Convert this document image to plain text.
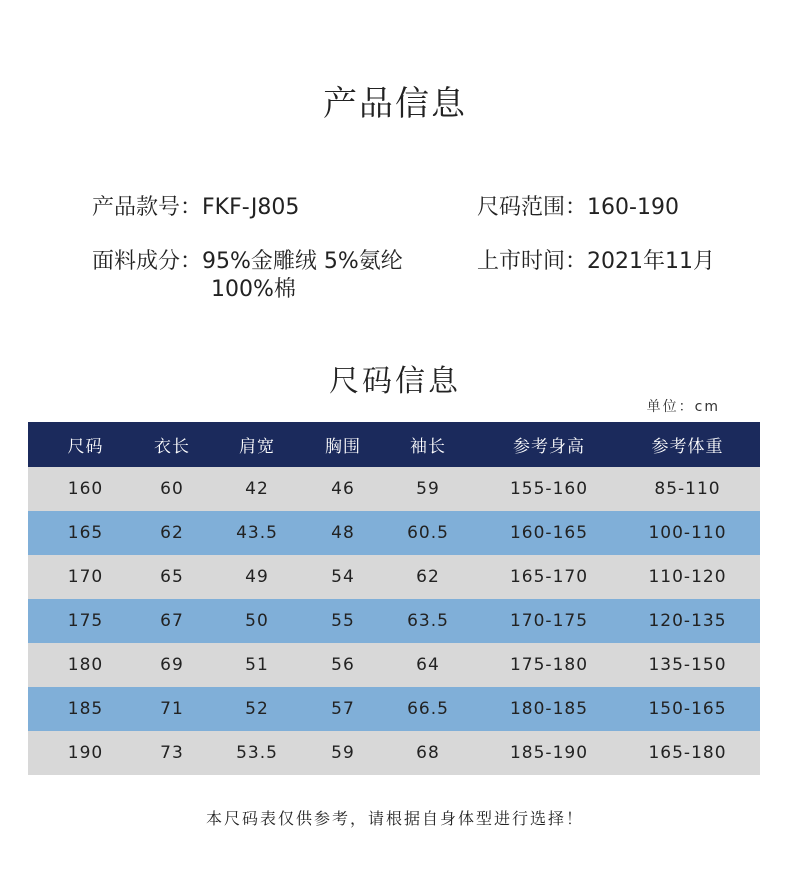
产品信息
产品款号：FKF-J805	尺码范围：160-190
面料成分：95%金雕绒 5%氨纶
100%棉
上市时间：2021年11月
尺码信息
单位：cm
尺码	衣长	肩宽	胸围	袖长	参考身高	参考体重
160	60	42	46	59	155-160	85-110
165	62	43.5	48	60.5	160-165	100-110
170	65	49	54	62	165-170	110-120
175	67	50	55	63.5	170-175	120-135
180	69	51	56	64	175-180	135-150
185	71	52	57	66.5	180-185	150-165
190	73	53.5	59	68	185-190	165-180
本尺码表仅供参考，请根据自身体型进行选择！
